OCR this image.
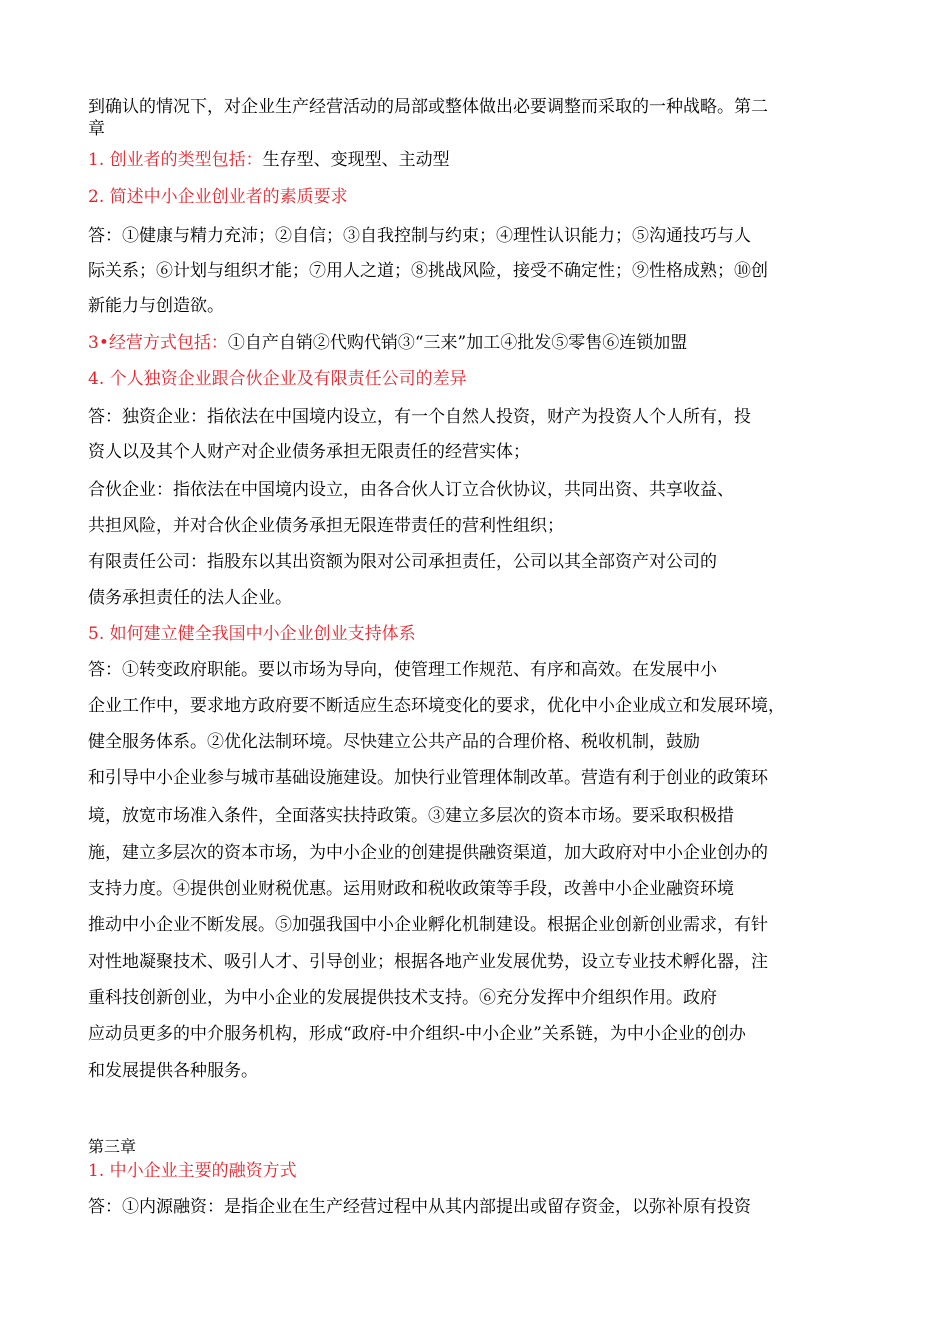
到确认的情况下，对企业生产经营活动的局部或整体做出必要调整而采取的一种战略。第二
章
1. 创业者的类型包括：生存型、变现型、主动型
2. 简述中小企业创业者的素质要求
答：①健康与精力充沛；②自信；③自我控制与约束；④理性认识能力；⑤沟通技巧与人
际关系；⑥计划与组织才能；⑦用人之道；⑧挑战风险，接受不确定性；⑨性格成熟；⑩创
新能力与创造欲。
3•经营方式包括：①自产自销②代购代销③“三来”加工④批发⑤零售⑥连锁加盟
4. 个人独资企业跟合伙企业及有限责任公司的差异
答：独资企业：指依法在中国境内设立，有一个自然人投资，财产为投资人个人所有，投
资人以及其个人财产对企业债务承担无限责任的经营实体；
合伙企业：指依法在中国境内设立，由各合伙人订立合伙协议，共同出资、共享收益、
共担风险，并对合伙企业债务承担无限连带责任的营利性组织；
有限责任公司：指股东以其出资额为限对公司承担责任，公司以其全部资产对公司的
债务承担责任的法人企业。
5. 如何建立健全我国中小企业创业支持体系
答：①转变政府职能。要以市场为导向，使管理工作规范、有序和高效。在发展中小
企业工作中，要求地方政府要不断适应生态环境变化的要求，优化中小企业成立和发展环境，
健全服务体系。②优化法制环境。尽快建立公共产品的合理价格、税收机制，鼓励
和引导中小企业参与城市基础设施建设。加快行业管理体制改革。营造有利于创业的政策环
境，放宽市场准入条件，全面落实扶持政策。③建立多层次的资本市场。要采取积极措
施，建立多层次的资本市场，为中小企业的创建提供融资渠道，加大政府对中小企业创办的
支持力度。④提供创业财税优惠。运用财政和税收政策等手段，改善中小企业融资环境
推动中小企业不断发展。⑤加强我国中小企业孵化机制建设。根据企业创新创业需求，有针
对性地凝聚技术、吸引人才、引导创业；根据各地产业发展优势，设立专业技术孵化器，注
重科技创新创业，为中小企业的发展提供技术支持。⑥充分发挥中介组织作用。政府
应动员更多的中介服务机构，形成“政府-中介组织-中小企业”关系链，为中小企业的创办
和发展提供各种服务。
第三章
1. 中小企业主要的融资方式
答：①内源融资：是指企业在生产经营过程中从其内部提出或留存资金，以弥补原有投资
